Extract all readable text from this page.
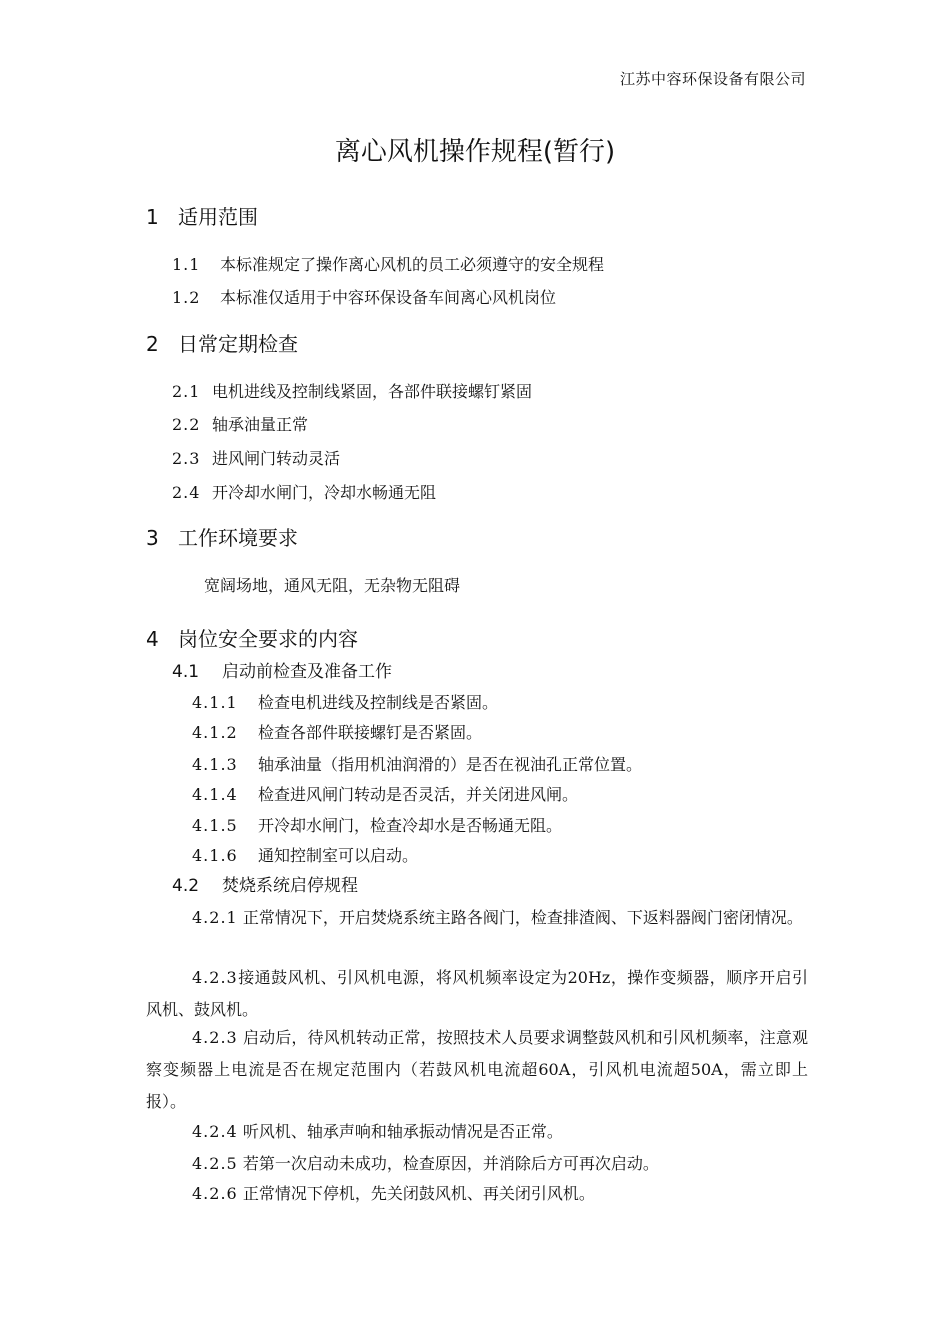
江苏中容环保设备有限公司
离心风机操作规程(暂行)
1 适用范围
1.1 本标准规定了操作离心风机的员工必须遵守的安全规程
1.2 本标准仅适用于中容环保设备车间离心风机岗位
2 日常定期检查
2.1 电机进线及控制线紧固，各部件联接螺钉紧固
2.2 轴承油量正常
2.3 进风闸门转动灵活
2.4 开冷却水闸门，冷却水畅通无阻
3 工作环境要求
宽阔场地，通风无阻，无杂物无阻碍
4 岗位安全要求的内容
4.1 启动前检查及准备工作
4.1.1 检查电机进线及控制线是否紧固。
4.1.2 检查各部件联接螺钉是否紧固。
4.1.3 轴承油量（指用机油润滑的）是否在视油孔正常位置。
4.1.4 检查进风闸门转动是否灵活，并关闭进风闸。
4.1.5 开冷却水闸门，检查冷却水是否畅通无阻。
4.1.6 通知控制室可以启动。
4.2 焚烧系统启停规程
4.2.1 正常情况下，开启焚烧系统主路各阀门，检查排渣阀、下返料器阀门密闭情况。
4.2.3接通鼓风机、引风机电源，将风机频率设定为20Hz，操作变频器，顺序开启引风机、鼓风机。
4.2.3 启动后，待风机转动正常，按照技术人员要求调整鼓风机和引风机频率，注意观察变频器上电流是否在规定范围内（若鼓风机电流超60A，引风机电流超50A，需立即上报）。
4.2.4 听风机、轴承声响和轴承振动情况是否正常。
4.2.5 若第一次启动未成功，检查原因，并消除后方可再次启动。
4.2.6 正常情况下停机，先关闭鼓风机、再关闭引风机。
